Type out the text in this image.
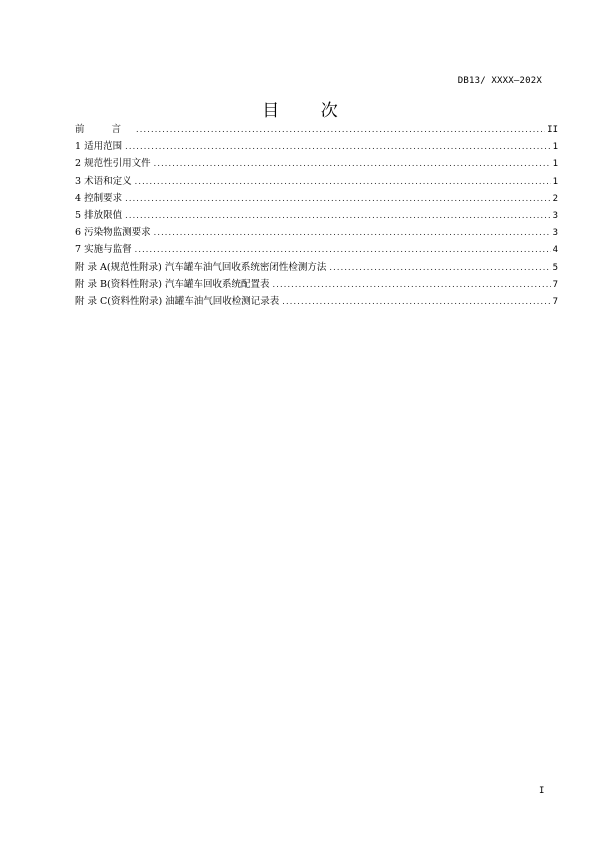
DB13/ XXXX—202X
目 次
前 言 .....	II
1 适用范围 .....	1
2 规范性引用文件 .....	1
3 术语和定义 .....	1
4 控制要求 .....	2
5 排放限值 .....	3
6 污染物监测要求 .....	3
7 实施与监督 .....	4
附 录 A(规范性附录) 汽车罐车油气回收系统密闭性检测方法 .....	5
附 录 B(资料性附录) 汽车罐车回收系统配置表 .....	7
附 录 C(资料性附录) 油罐车油气回收检测记录表 .....	7
I
